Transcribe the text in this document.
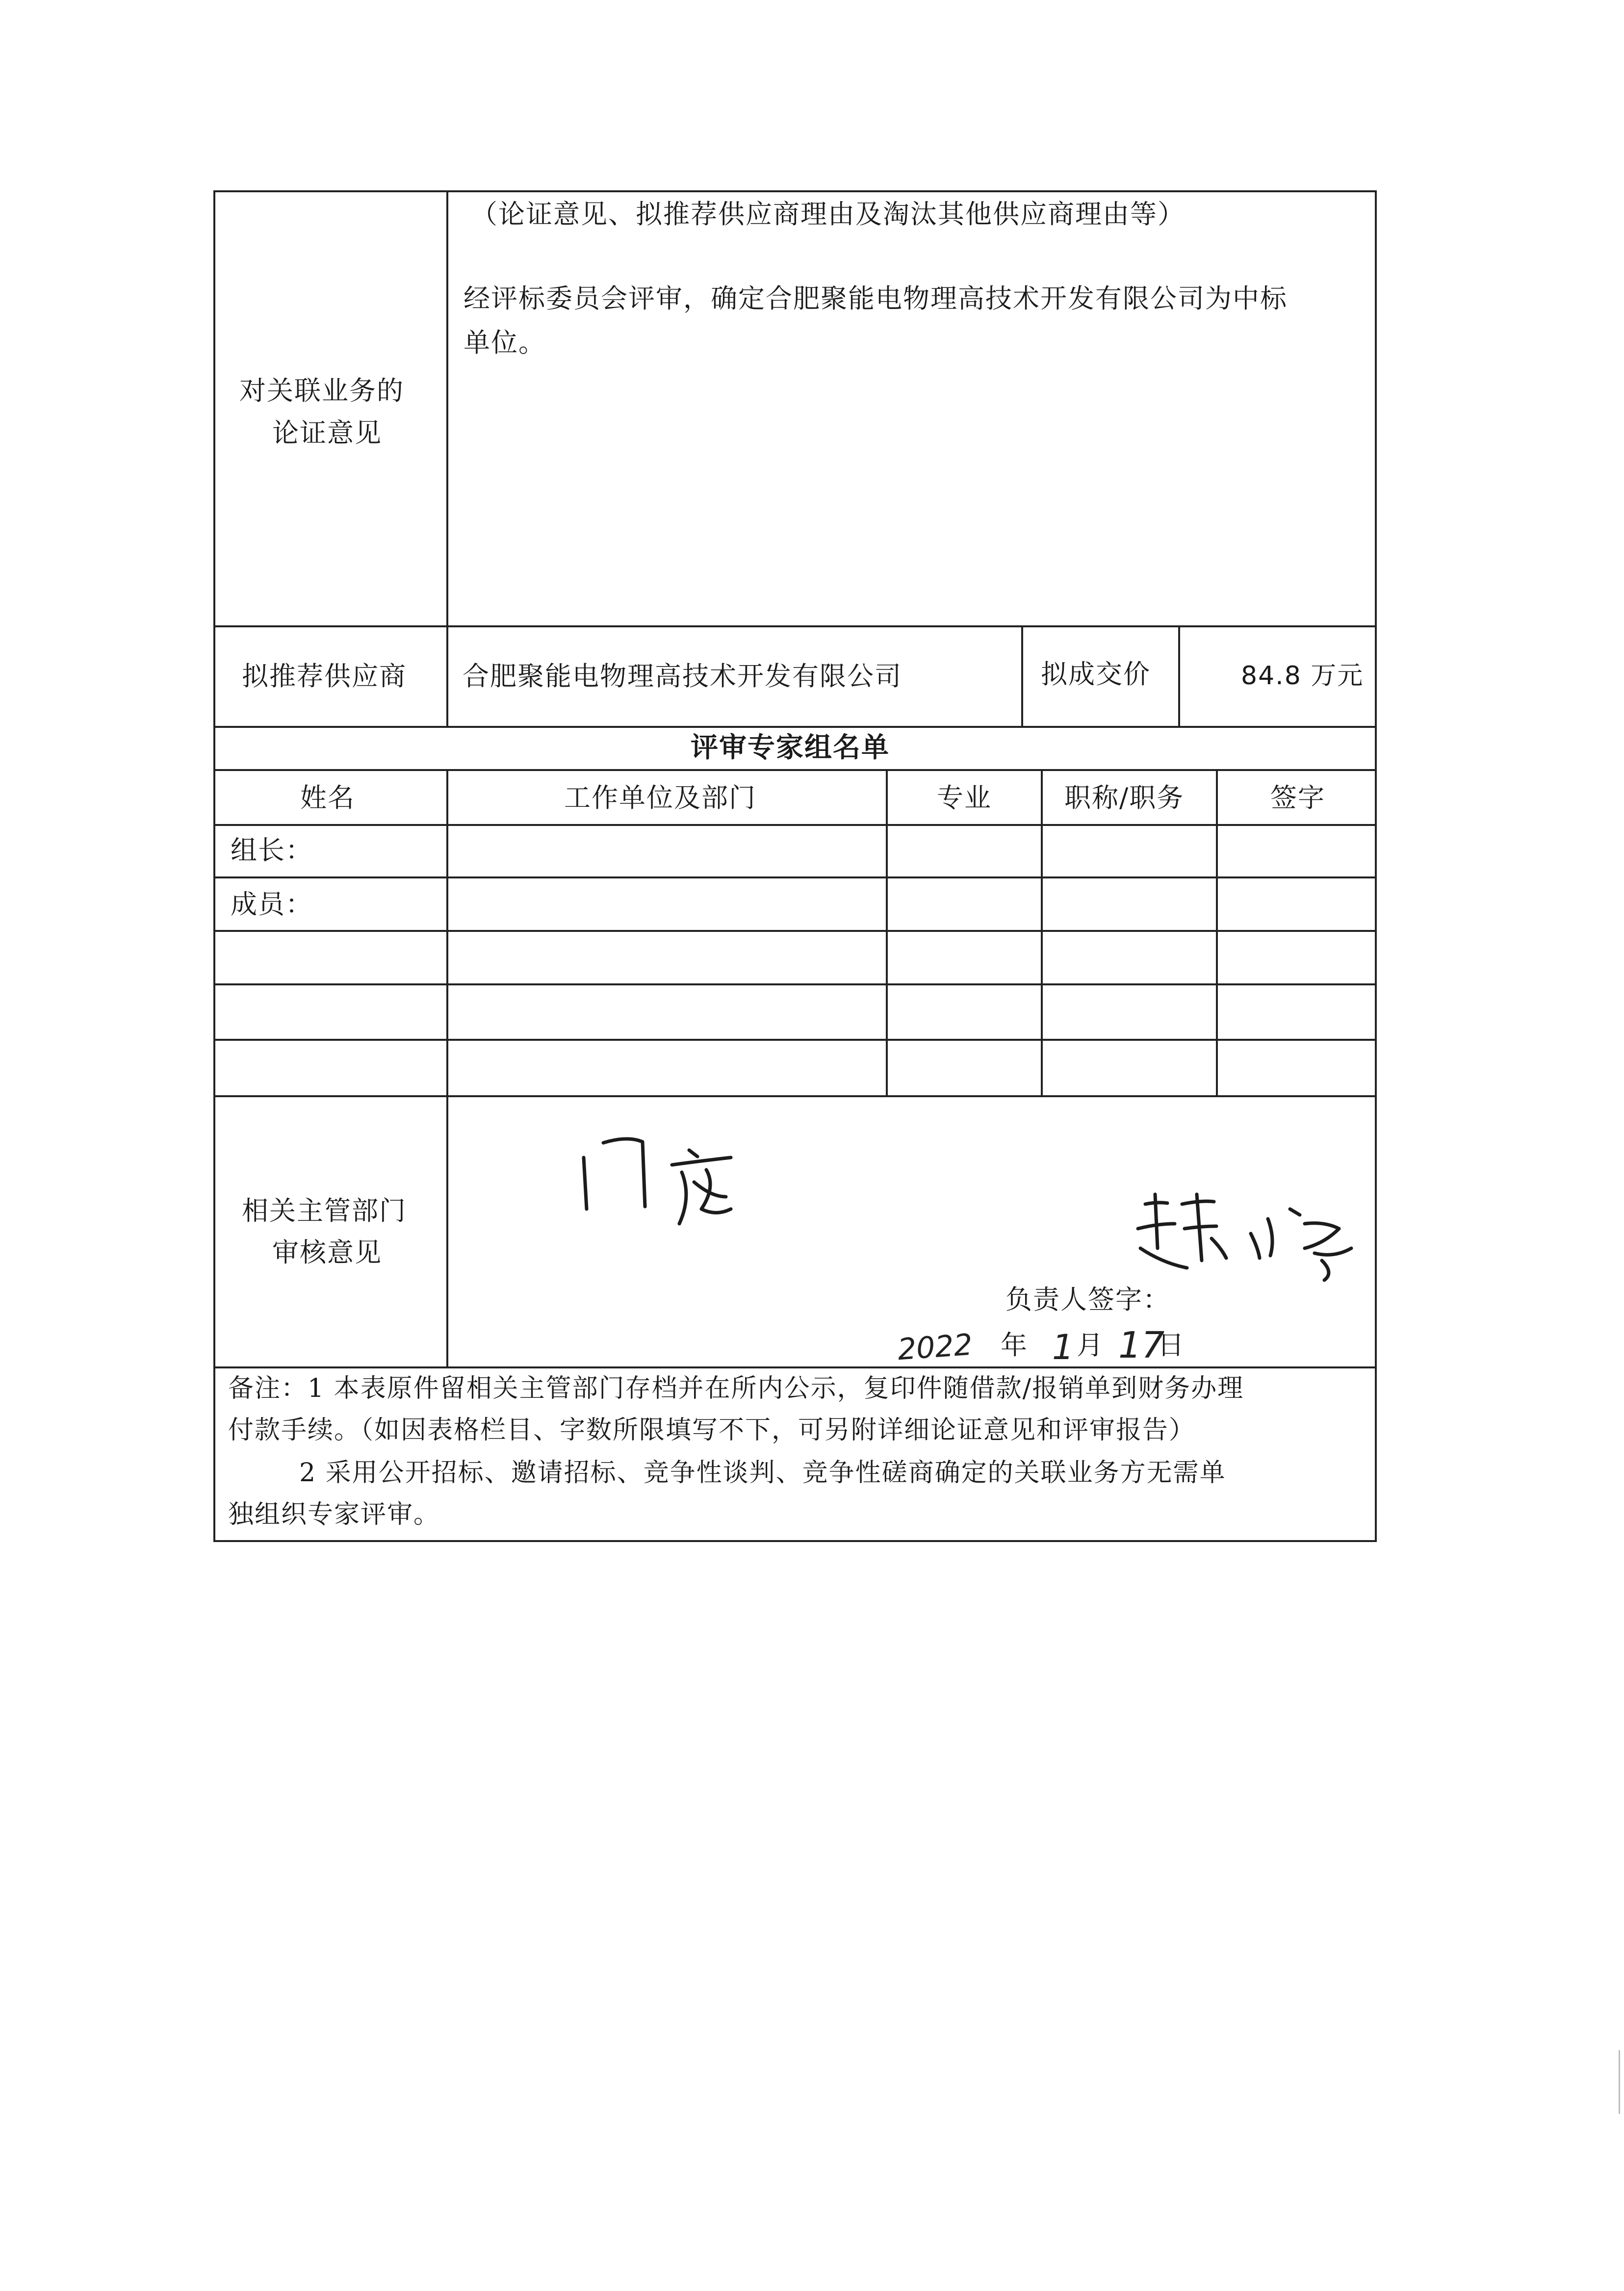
对关联业务的
论证意见
（论证意见、拟推荐供应商理由及淘汰其他供应商理由等）
经评标委员会评审，确定合肥聚能电物理高技术开发有限公司为中标
单位。
拟推荐供应商 合肥聚能电物理高技术开发有限公司	拟成交价	84.8 万元
评审专家组名单
姓名	工作单位及部门	专业	职称/职务	签字
组长：
成员：
相关主管部门
审核意见
负责人签字：
2022 年 1 月 17
日
备注：1 本表原件留相关主管部门存档并在所内公示，复印件随借款/报销单到财务办理
付款手续。（如因表格栏目、字数所限填写不下，可另附详细论证意见和评审报告）
2 采用公开招标、邀请招标、竞争性谈判、竞争性磋商确定的关联业务方无需单
独组织专家评审。
